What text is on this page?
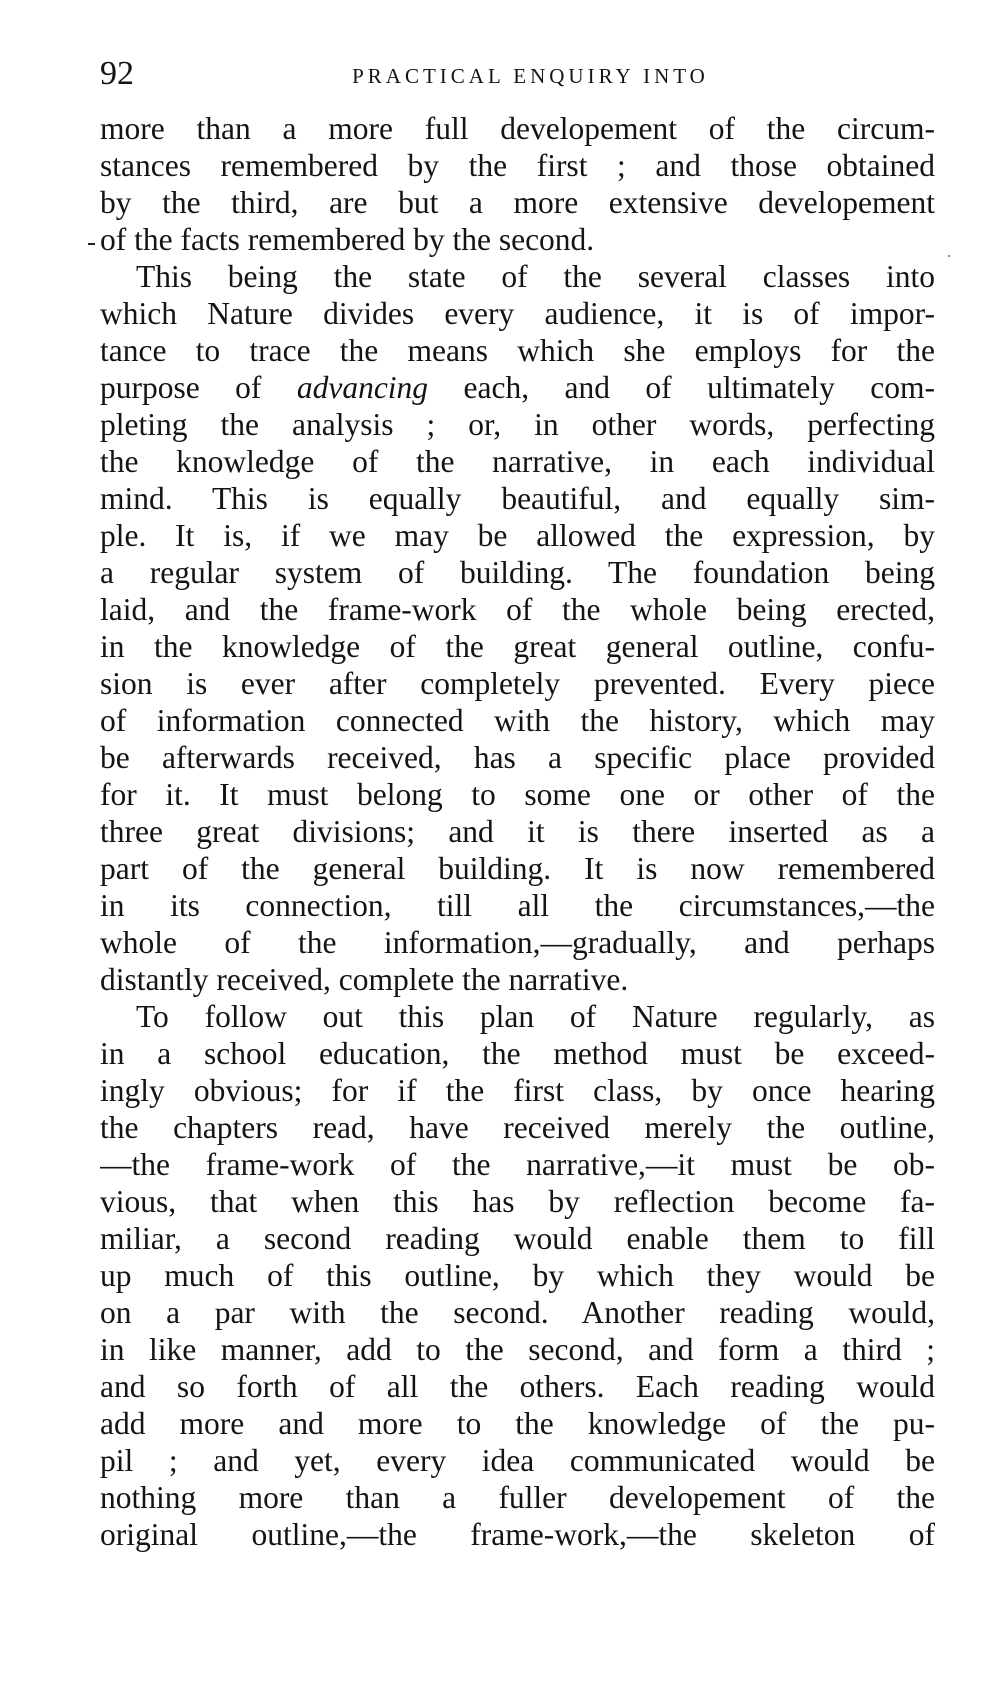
92	PRACTICAL ENQUIRY INTO
more than a more full developement of the circum-
stances remembered by the first ; and those obtained
by the third, are but a more extensive developement
of the facts remembered by the second.
This being the state of the several classes into
which Nature divides every audience, it is of impor-
tance to trace the means which she employs for the
purpose of advancing each, and of ultimately com-
pleting the analysis ; or, in other words, perfecting
the knowledge of the narrative, in each individual
mind. This is equally beautiful, and equally sim-
ple. It is, if we may be allowed the expression, by
a regular system of building. The foundation being
laid, and the frame-work of the whole being erected,
in the knowledge of the great general outline, confu-
sion is ever after completely prevented. Every piece
of information connected with the history, which may
be afterwards received, has a specific place provided
for it. It must belong to some one or other of the
three great divisions; and it is there inserted as a
part of the general building. It is now remembered
in its connection, till all the circumstances,—the
whole of the information,—gradually, and perhaps
distantly received, complete the narrative.
To follow out this plan of Nature regularly, as
in a school education, the method must be exceed-
ingly obvious; for if the first class, by once hearing
the chapters read, have received merely the outline,
—the frame-work of the narrative,—it must be ob-
vious, that when this has by reflection become fa-
miliar, a second reading would enable them to fill
up much of this outline, by which they would be
on a par with the second. Another reading would,
in like manner, add to the second, and form a third ;
and so forth of all the others. Each reading would
add more and more to the knowledge of the pu-
pil ; and yet, every idea communicated would be
nothing more than a fuller developement of the
original outline,—the frame-work,—the skeleton of
